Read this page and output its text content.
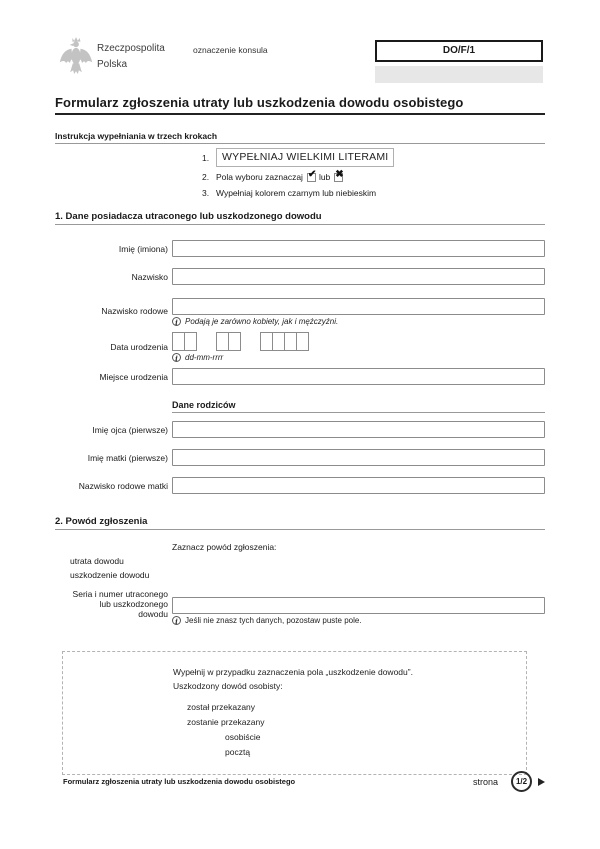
Rzeczpospolita
Polska
oznaczenie konsula	DO/F/1
Formularz zgłoszenia utraty lub uszkodzenia dowodu osobistego
Instrukcja wypełniania w trzech krokach
1.	WYPEŁNIAJ WIELKIMI LITERAMI
2. Pola wyboru zaznaczaj ✔ lub ✖
3. Wypełniaj kolorem czarnym lub niebieskim
1. Dane posiadacza utraconego lub uszkodzonego dowodu
Imię (imiona)
Nazwisko
Nazwisko rodowe
i Podają je zarówno kobiety, jak i mężczyźni.
Data urodzenia
i dd-mm-rrrr
Miejsce urodzenia
Dane rodziców
Imię ojca (pierwsze)
Imię matki (pierwsze)
Nazwisko rodowe matki
2. Powód zgłoszenia
Zaznacz powód zgłoszenia:
utrata dowodu
uszkodzenie dowodu
Seria i numer utraconego
lub uszkodzonego
dowodu
i Jeśli nie znasz tych danych, pozostaw puste pole.
Wypełnij w przypadku zaznaczenia pola „uszkodzenie dowodu”.
Uszkodzony dowód osobisty:
został przekazany
zostanie przekazany
osobiście
pocztą
Formularz zgłoszenia utraty lub uszkodzenia dowodu osobistego	strona	1/2
